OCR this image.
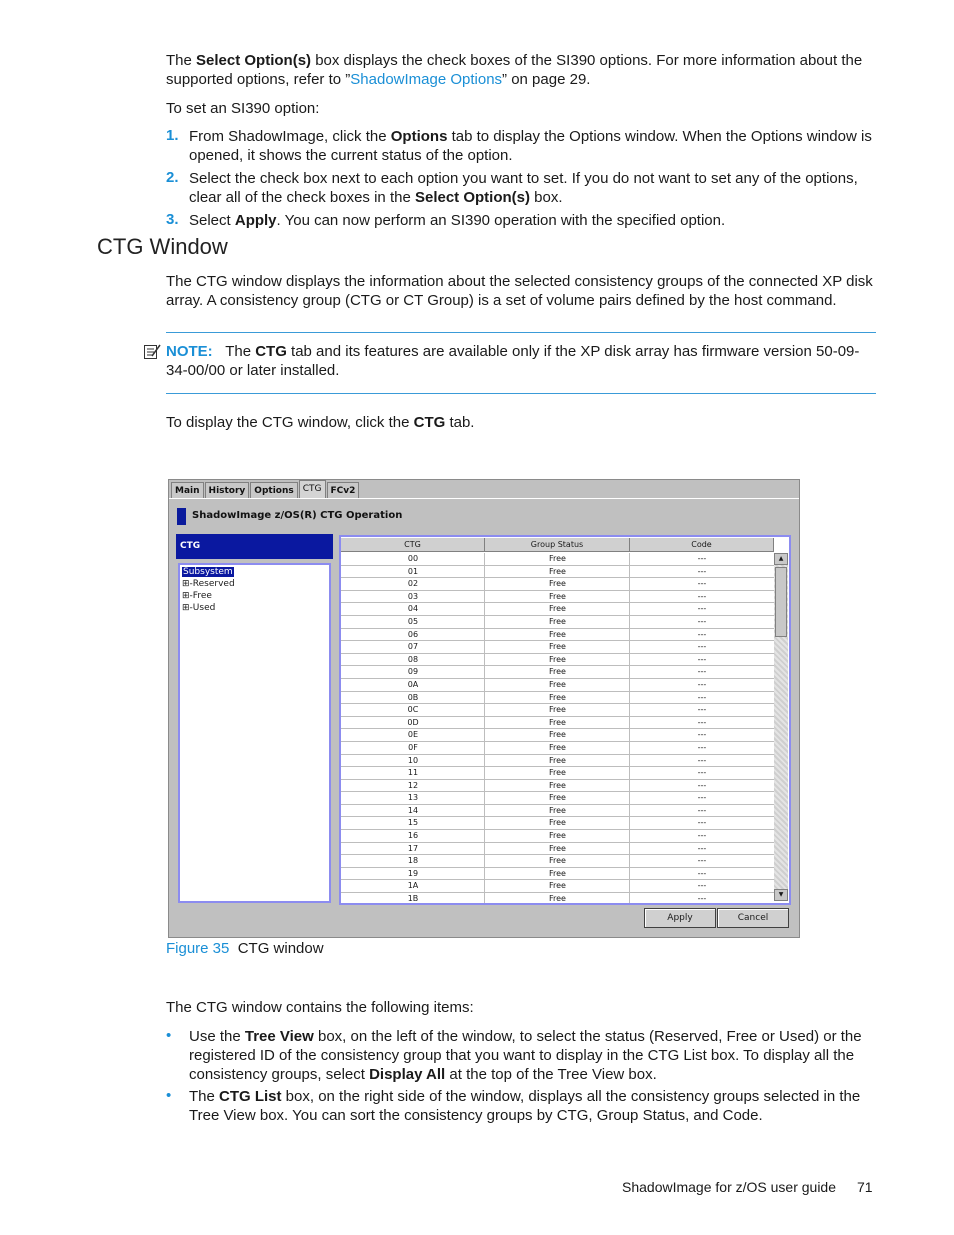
The Select Option(s) box displays the check boxes of the SI390 options. For more information about the supported options, refer to ”ShadowImage Options” on page 29.
To set an SI390 option:
1. From ShadowImage, click the Options tab to display the Options window. When the Options window is opened, it shows the current status of the option.
2. Select the check box next to each option you want to set. If you do not want to set any of the options, clear all of the check boxes in the Select Option(s) box.
3. Select Apply. You can now perform an SI390 operation with the specified option.
CTG Window
The CTG window displays the information about the selected consistency groups of the connected XP disk array. A consistency group (CTG or CT Group) is a set of volume pairs defined by the host command.
NOTE: The CTG tab and its features are available only if the XP disk array has firmware version 50-09-34-00/00 or later installed.
To display the CTG window, click the CTG tab.
Main	History	Options	CTG	FCv2
ShadowImage z/OS(R) CTG Operation
CTG
Subsystem
⊞-Reserved
⊞-Free
⊞-Used
CTG	Group Status	Code
00	Free	---
01	Free	---
02	Free	---
03	Free	---
04	Free	---
05	Free	---
06	Free	---
07	Free	---
08	Free	---
09	Free	---
0A	Free	---
0B	Free	---
0C	Free	---
0D	Free	---
0E	Free	---
0F	Free	---
10	Free	---
11	Free	---
12	Free	---
13	Free	---
14	Free	---
15	Free	---
16	Free	---
17	Free	---
18	Free	---
19	Free	---
1A	Free	---
1B	Free	---
▲
▼
Apply	Cancel
Figure 35 CTG window
The CTG window contains the following items:
• Use the Tree View box, on the left of the window, to select the status (Reserved, Free or Used) or the registered ID of the consistency group that you want to display in the CTG List box. To display all the consistency groups, select Display All at the top of the Tree View box.
• The CTG List box, on the right side of the window, displays all the consistency groups selected in the Tree View box. You can sort the consistency groups by CTG, Group Status, and Code.
ShadowImage for z/OS user guide 71
